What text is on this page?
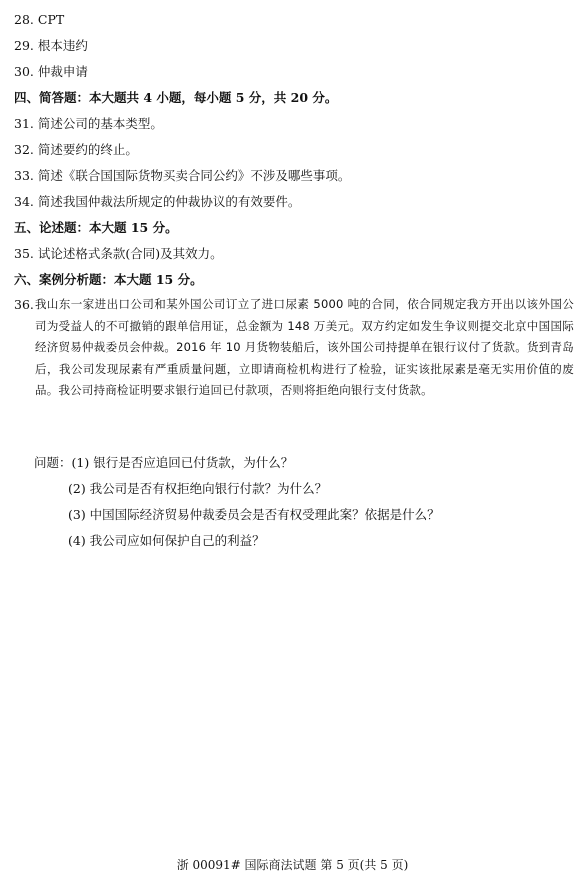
28. CPT
29. 根本违约
30. 仲裁申请
四、简答题：本大题共 4 小题，每小题 5 分，共 20 分。
31. 简述公司的基本类型。
32. 简述要约的终止。
33. 简述《联合国国际货物买卖合同公约》不涉及哪些事项。
34. 简述我国仲裁法所规定的仲裁协议的有效要件。
五、论述题：本大题 15 分。
35. 试论述格式条款(合同)及其效力。
六、案例分析题：本大题 15 分。
36. 我山东一家进出口公司和某外国公司订立了进口尿素 5000 吨的合同，依合同规定我方开出以该外国公司为受益人的不可撤销的跟单信用证，总金额为 148 万美元。双方约定如发生争议则提交北京中国国际经济贸易仲裁委员会仲裁。2016 年 10 月货物装船后，该外国公司持提单在银行议付了货款。货到青岛后，我公司发现尿素有严重质量问题，立即请商检机构进行了检验，证实该批尿素是毫无实用价值的废品。我公司持商检证明要求银行追回已付款项，否则将拒绝向银行支付货款。
问题：(1) 银行是否应追回已付货款，为什么？
(2) 我公司是否有权拒绝向银行付款？为什么？
(3) 中国国际经济贸易仲裁委员会是否有权受理此案？依据是什么？
(4) 我公司应如何保护自己的利益？
浙 00091# 国际商法试题 第 5 页(共 5 页)
